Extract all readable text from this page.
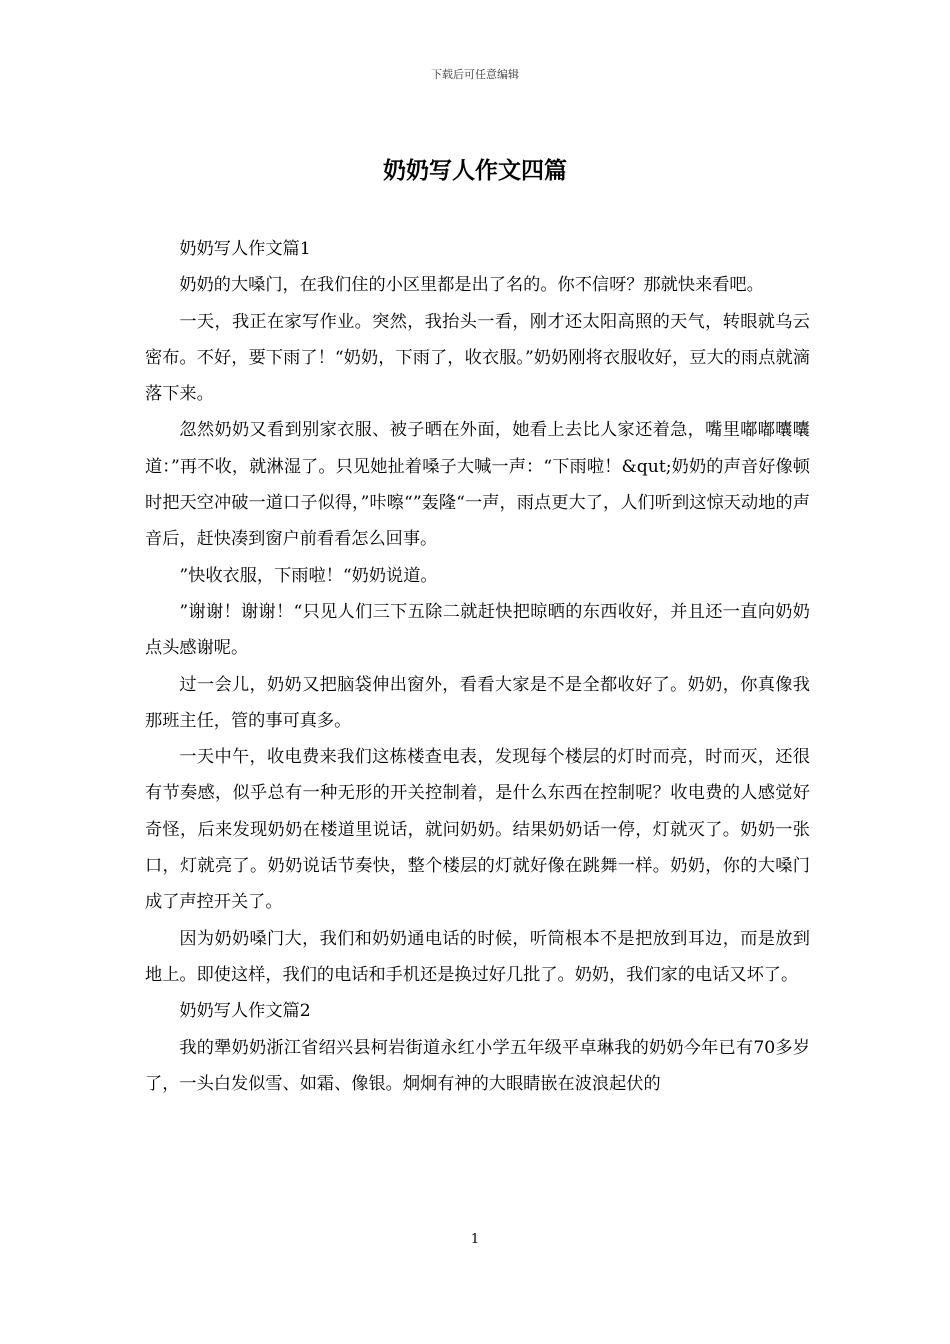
下载后可任意编辑
奶奶写人作文四篇

奶奶写人作文篇1

奶奶的大嗓门，在我们住的小区里都是出了名的。你不信呀？那就快来看吧。

一天，我正在家写作业。突然，我抬头一看，刚才还太阳高照的天气，转眼就乌云密布。不好，要下雨了！“奶奶，下雨了，收衣服。”奶奶刚将衣服收好，豆大的雨点就滴落下来。

忽然奶奶又看到别家衣服、被子晒在外面，她看上去比人家还着急，嘴里嘟嘟囔囔道：”再不收，就淋湿了。只见她扯着嗓子大喊一声：“下雨啦！&qut;奶奶的声音好像顿时把天空冲破一道口子似得，”咔嚓“”轰隆“一声，雨点更大了，人们听到这惊天动地的声音后，赶快凑到窗户前看看怎么回事。

”快收衣服，下雨啦！“奶奶说道。

”谢谢！谢谢！“只见人们三下五除二就赶快把晾晒的东西收好，并且还一直向奶奶点头感谢呢。

过一会儿，奶奶又把脑袋伸出窗外，看看大家是不是全都收好了。奶奶，你真像我那班主任，管的事可真多。

一天中午，收电费来我们这栋楼查电表，发现每个楼层的灯时而亮，时而灭，还很有节奏感，似乎总有一种无形的开关控制着，是什么东西在控制呢？收电费的人感觉好奇怪，后来发现奶奶在楼道里说话，就问奶奶。结果奶奶话一停，灯就灭了。奶奶一张口，灯就亮了。奶奶说话节奏快，整个楼层的灯就好像在跳舞一样。奶奶，你的大嗓门成了声控开关了。

因为奶奶嗓门大，我们和奶奶通电话的时候，听筒根本不是把放到耳边，而是放到地上。即使这样，我们的电话和手机还是换过好几批了。奶奶，我们家的电话又坏了。

奶奶写人作文篇2

我的犟奶奶浙江省绍兴县柯岩街道永红小学五年级平卓琳我的奶奶今年已有70多岁了，一头白发似雪、如霜、像银。炯炯有神的大眼睛嵌在波浪起伏的

1
